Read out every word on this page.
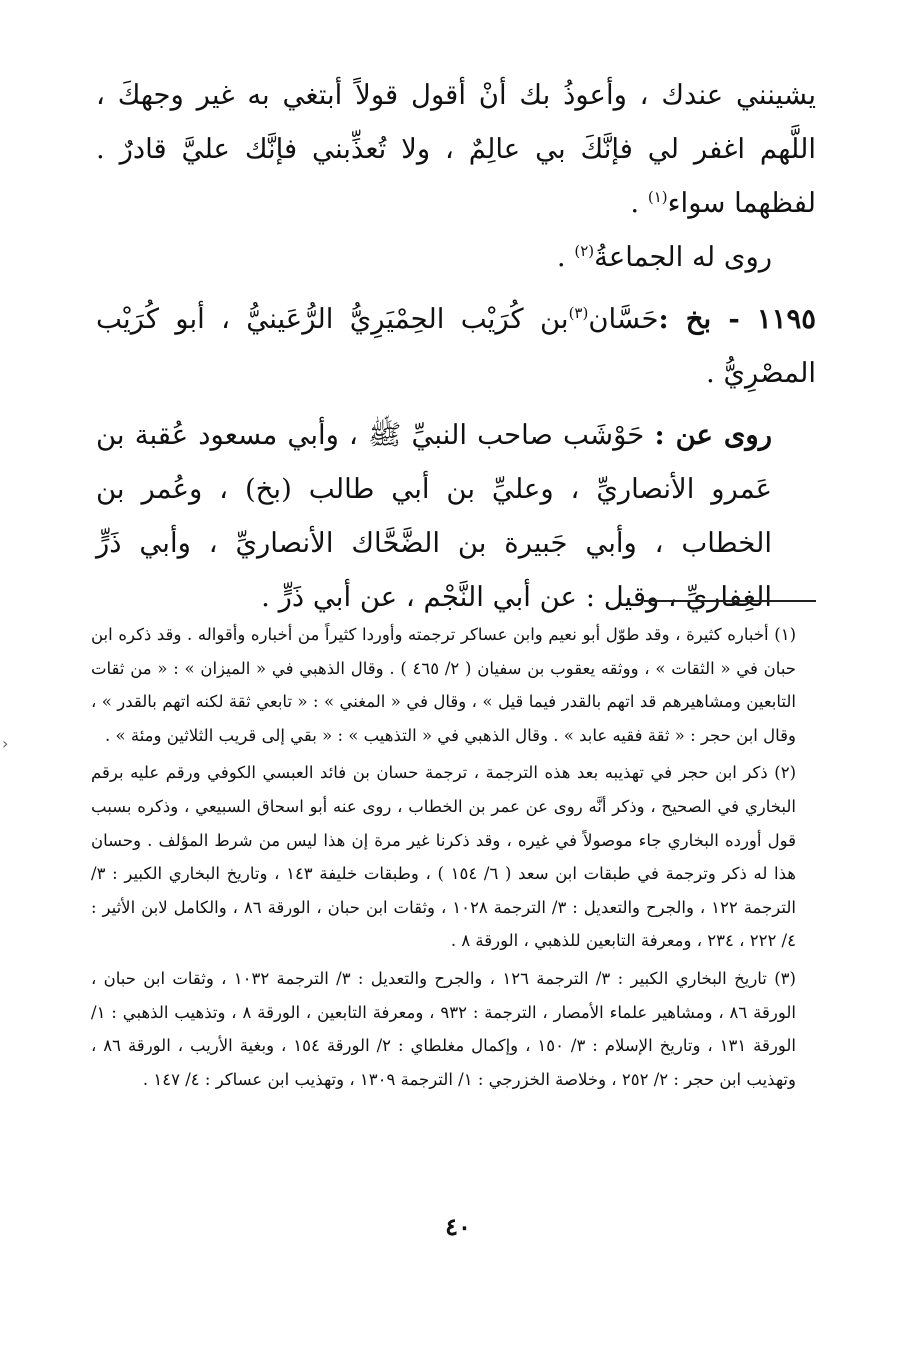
يشينني عندك ، وأعوذُ بك أنْ أقول قولاً أبتغي به غير وجهكَ ، اللَّهم اغفر لي فإنَّكَ بي عالِمٌ ، ولا تُعذِّبني فإنَّك عليَّ قادرٌ . لفظهما سواء$^{(١)}$ .

روى له الجماعةُ$^{(٢)}$ .

١١٩٥ - بخ :حَسَّان$^{(٣)}$بن كُرَيْب الحِمْيَرِيُّ الرُّعَينيُّ ، أبو كُرَيْب المصْرِيُّ .

روى عن : حَوْشَب صاحب النبيِّ ﷺ ، وأبي مسعود عُقبة بن عَمرو الأنصاريِّ ، وعليِّ بن أبي طالب (بخ) ، وعُمر بن الخطاب ، وأبي جَبيرة بن الضَّحَّاك الأنصاريِّ ، وأبي ذَرٍّ الغِفاريِّ ، وقيل : عن أبي النَّجْم ، عن أبي ذَرٍّ .

(١) أخباره كثيرة ، وقد طوّل أبو نعيم وابن عساكر ترجمته وأوردا كثيراً من أخباره وأقواله . وقد ذكره ابن حبان في « الثقات » ، ووثقه يعقوب بن سفيان ( ٢/ ٤٦٥ ) . وقال الذهبي في « الميزان » : « من ثقات التابعين ومشاهيرهم قد اتهم بالقدر فيما قيل » ، وقال في « المغني » : « تابعي ثقة لكنه اتهم بالقدر » ، وقال ابن حجر : « ثقة فقيه عابد » . وقال الذهبي في « التذهيب » : « بقي إلى قريب الثلاثين ومئة » .

(٢) ذكر ابن حجر في تهذيبه بعد هذه الترجمة ، ترجمة حسان بن فائد العبسي الكوفي ورقم عليه برقم البخاري في الصحيح ، وذكر أنَّه روى عن عمر بن الخطاب ، روى عنه أبو اسحاق السبيعي ، وذكره بسبب قول أورده البخاري جاء موصولاً في غيره ، وقد ذكرنا غير مرة إن هذا ليس من شرط المؤلف . وحسان هذا له ذكر وترجمة في طبقات ابن سعد ( ٦/ ١٥٤ ) ، وطبقات خليفة ١٤٣ ، وتاريخ البخاري الكبير : ٣/ الترجمة ١٢٢ ، والجرح والتعديل : ٣/ الترجمة ١٠٢٨ ، وثقات ابن حبان ، الورقة ٨٦ ، والكامل لابن الأثير : ٤/ ٢٢٢ ، ٢٣٤ ، ومعرفة التابعين للذهبي ، الورقة ٨ .

(٣) تاريخ البخاري الكبير : ٣/ الترجمة ١٢٦ ، والجرح والتعديل : ٣/ الترجمة ١٠٣٢ ، وثقات ابن حبان ، الورقة ٨٦ ، ومشاهير علماء الأمصار ، الترجمة : ٩٣٢ ، ومعرفة التابعين ، الورقة ٨ ، وتذهيب الذهبي : ١/ الورقة ١٣١ ، وتاريخ الإسلام : ٣/ ١٥٠ ، وإكمال مغلطاي : ٢/ الورقة ١٥٤ ، وبغية الأريب ، الورقة ٨٦ ، وتهذيب ابن حجر : ٢/ ٢٥٢ ، وخلاصة الخزرجي : ١/ الترجمة ١٣٠٩ ، وتهذيب ابن عساكر : ٤/ ١٤٧ .

٤٠
‹
